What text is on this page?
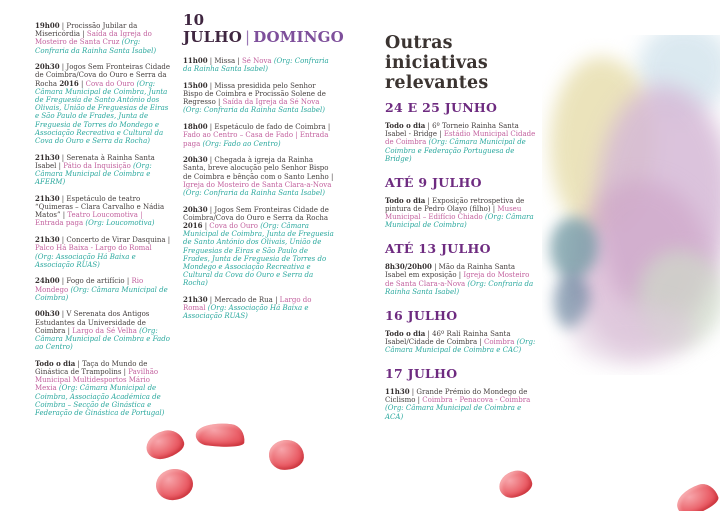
19h00 | Procissão Jubilar da Misericórdia | Saída da Igreja do Mosteiro de Santa Cruz (Org: Confraria da Rainha Santa Isabel)

20h30 | Jogos Sem Fronteiras Cidade de Coimbra/Cova do Ouro e Serra da Rocha 2016 | Cova do Ouro (Org: Câmara Municipal de Coimbra, Junta de Freguesia de Santo António dos Olivais, União de Freguesias de Eiras e São Paulo de Frades, Junta de Freguesia de Torres do Mondego e Associação Recreativa e Cultural da Cova do Ouro e Serra da Rocha)

21h30 | Serenata à Rainha Santa Isabel | Pátio da Inquisição (Org: Câmara Municipal de Coimbra e AFERM)

21h30 | Espetáculo de teatro “Quimeras – Clara Carvalho e Nádia Matos” | Teatro Loucomotiva | Entrada paga (Org: Loucomotiva)

21h30 | Concerto de Virar Dasquina | Palco Há Baixa - Largo do Romal (Org: Associação Há Baixa e Associação RUAS)

24h00 | Fogo de artifício | Rio Mondego (Org: Câmara Municipal de Coimbra)

00h30 | V Serenata dos Antigos Estudantes da Universidade de Coimbra | Largo da Sé Velha (Org: Câmara Municipal de Coimbra e Fado ao Centro)

Todo o dia | Taça do Mundo de Ginástica de Trampolins | Pavilhão Municipal Multidesportos Mário Mexia (Org: Câmara Municipal de Coimbra, Associação Académica de Coimbra – Secção de Ginástica e Federação de Ginástica de Portugal)

10 JULHO | DOMINGO

11h00 | Missa | Sé Nova (Org: Confraria da Rainha Santa Isabel)

15h00 | Missa presidida pelo Senhor Bispo de Coimbra e Procissão Solene de Regresso | Saída da Igreja da Sé Nova (Org: Confraria da Rainha Santa Isabel)

18h00 | Espetáculo de fado de Coimbra | Fado ao Centro – Casa de Fado | Entrada paga (Org: Fado ao Centro)

20h30 | Chegada à igreja da Rainha Santa, breve alocução pelo Senhor Bispo de Coimbra e bênção com o Santo Lenho | Igreja do Mosteiro de Santa Clara-a-Nova (Org: Confraria da Rainha Santa Isabel)

20h30 | Jogos Sem Fronteiras Cidade de Coimbra/Cova do Ouro e Serra da Rocha 2016 | Cova do Ouro (Org: Câmara Municipal de Coimbra, Junta de Freguesia de Santo António dos Olivais, União de Freguesias de Eiras e São Paulo de Frades, Junta de Freguesia de Torres do Mondego e Associação Recreativa e Cultural da Cova do Ouro e Serra da Rocha)

21h30 | Mercado de Rua | Largo do Romal (Org: Associação Há Baixa e Associação RUAS)

Outras iniciativas relevantes
24 E 25 JUNHO

Todo o dia | 6º Torneio Rainha Santa Isabel - Bridge | Estádio Municipal Cidade de Coimbra (Org: Câmara Municipal de Coimbra e Federação Portuguesa de Bridge)

ATÉ 9 JULHO

Todo o dia | Exposição retrospetiva de pintura de Pedro Olayo (filho) | Museu Municipal – Edifício Chiado (Org: Câmara Municipal de Coimbra)

ATÉ 13 JULHO

8h30/20h00 | Mão da Rainha Santa Isabel em exposição | Igreja do Mosteiro de Santa Clara-a-Nova (Org: Confraria da Rainha Santa Isabel)

16 JULHO

Todo o dia | 46º Rali Rainha Santa Isabel/Cidade de Coimbra | Coimbra (Org: Câmara Municipal de Coimbra e CAC)

17 JULHO

11h30 | Grande Prémio do Mondego de Ciclismo | Coimbra - Penacova - Coimbra (Org: Câmara Municipal de Coimbra e ACA)
